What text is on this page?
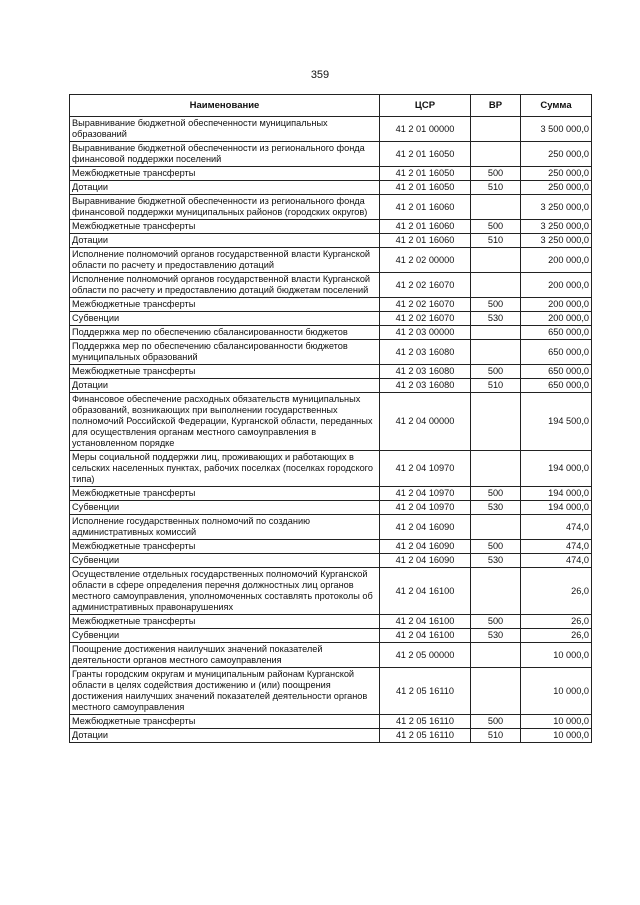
359
Наименование	ЦСР	ВР	Сумма
Выравнивание бюджетной обеспеченности муниципальных образований	41 2 01 00000		3 500 000,0
Выравнивание бюджетной обеспеченности из регионального фонда финансовой поддержки поселений	41 2 01 16050		250 000,0
Межбюджетные трансферты	41 2 01 16050	500	250 000,0
Дотации	41 2 01 16050	510	250 000,0
Выравнивание бюджетной обеспеченности из регионального фонда финансовой поддержки муниципальных районов (городских округов)	41 2 01 16060		3 250 000,0
Межбюджетные трансферты	41 2 01 16060	500	3 250 000,0
Дотации	41 2 01 16060	510	3 250 000,0
Исполнение полномочий органов государственной власти Курганской области по расчету и предоставлению дотаций	41 2 02 00000		200 000,0
Исполнение полномочий органов государственной власти Курганской области по расчету и предоставлению дотаций бюджетам поселений	41 2 02 16070		200 000,0
Межбюджетные трансферты	41 2 02 16070	500	200 000,0
Субвенции	41 2 02 16070	530	200 000,0
Поддержка мер по обеспечению сбалансированности бюджетов	41 2 03 00000		650 000,0
Поддержка мер по обеспечению сбалансированности бюджетов муниципальных образований	41 2 03 16080		650 000,0
Межбюджетные трансферты	41 2 03 16080	500	650 000,0
Дотации	41 2 03 16080	510	650 000,0
Финансовое обеспечение расходных обязательств муниципальных образований, возникающих при выполнении государственных полномочий Российской Федерации, Курганской области, переданных для осуществления органам местного самоуправления в установленном порядке	41 2 04 00000		194 500,0
Меры социальной поддержки лиц, проживающих и работающих в сельских населенных пунктах, рабочих поселках (поселках городского типа)	41 2 04 10970		194 000,0
Межбюджетные трансферты	41 2 04 10970	500	194 000,0
Субвенции	41 2 04 10970	530	194 000,0
Исполнение государственных полномочий по созданию административных комиссий	41 2 04 16090		474,0
Межбюджетные трансферты	41 2 04 16090	500	474,0
Субвенции	41 2 04 16090	530	474,0
Осуществление отдельных государственных полномочий Курганской области в сфере определения перечня должностных лиц органов местного самоуправления, уполномоченных составлять протоколы об административных правонарушениях	41 2 04 16100		26,0
Межбюджетные трансферты	41 2 04 16100	500	26,0
Субвенции	41 2 04 16100	530	26,0
Поощрение достижения наилучших значений показателей деятельности органов местного самоуправления	41 2 05 00000		10 000,0
Гранты городским округам и муниципальным районам Курганской области в целях содействия достижению и (или) поощрения достижения наилучших значений показателей деятельности органов местного самоуправления	41 2 05 16110		10 000,0
Межбюджетные трансферты	41 2 05 16110	500	10 000,0
Дотации	41 2 05 16110	510	10 000,0
